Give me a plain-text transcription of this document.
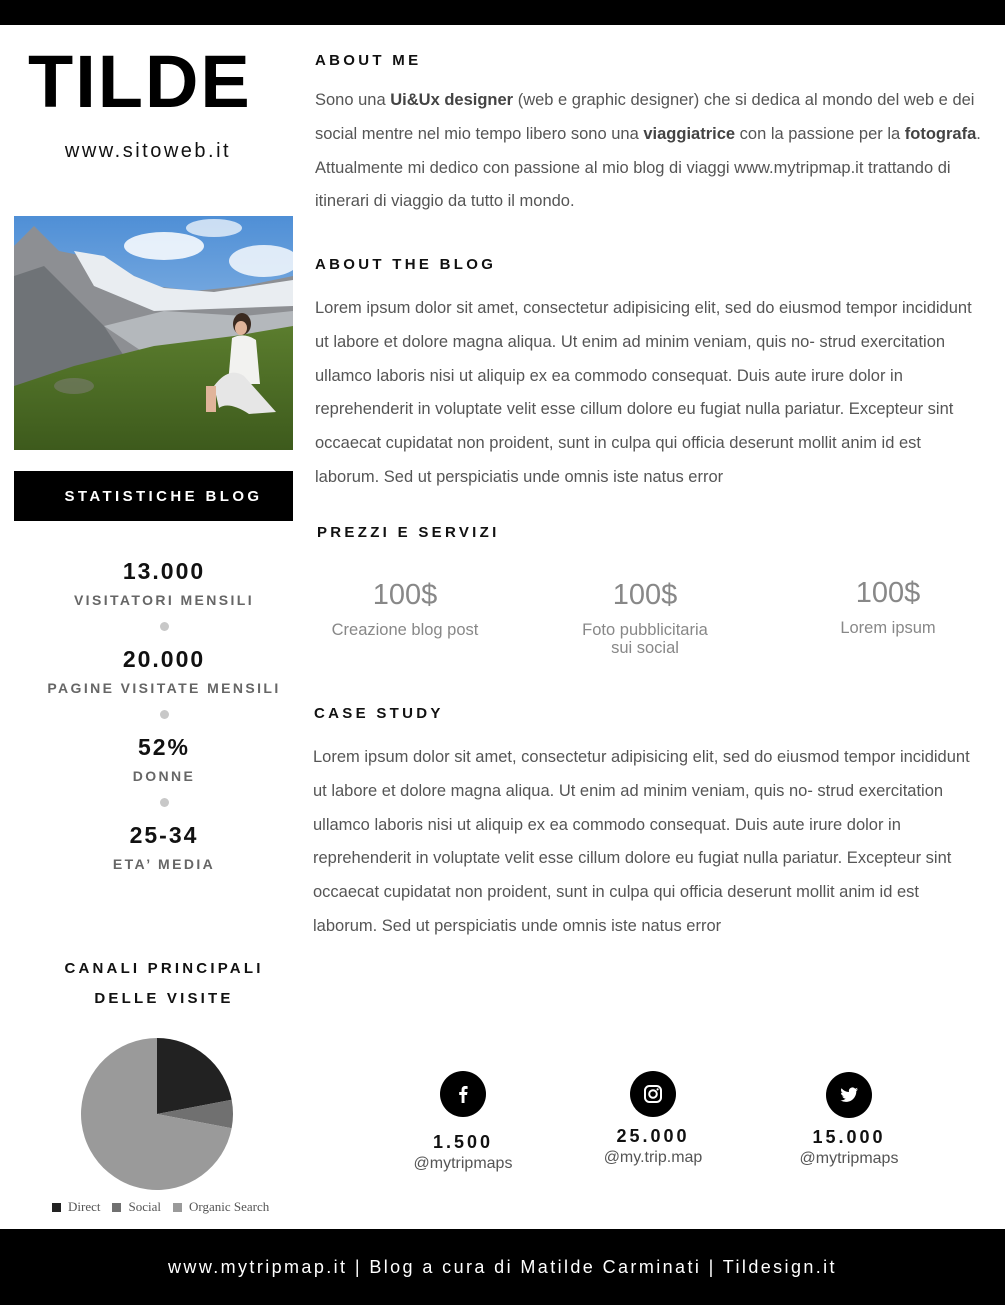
TILDE
www.sitoweb.it
STATISTICHE BLOG
13.000
VISITATORI MENSILI
20.000
PAGINE VISITATE MENSILI
52%
DONNE
25-34
ETA’ MEDIA
CANALI PRINCIPALI
DELLE VISITE
Direct Social Organic Search
ABOUT ME
Sono una Ui&Ux designer (web e graphic designer) che si dedica al mondo del web e dei social mentre nel mio tempo libero sono una viaggiatrice con la passione per la fotografa. Attualmente mi dedico con passione al mio blog di viaggi www.mytripmap.it trattando di itinerari di viaggio da tutto il mondo.
ABOUT THE BLOG
Lorem ipsum dolor sit amet, consectetur adipisicing elit, sed do eiusmod tempor incididunt ut labore et dolore magna aliqua. Ut enim ad minim veniam, quis no- strud exercitation ullamco laboris nisi ut aliquip ex ea commodo consequat. Duis aute irure dolor in reprehenderit in voluptate velit esse cillum dolore eu fugiat nulla pariatur. Excepteur sint occaecat cupidatat non proident, sunt in culpa qui officia deserunt mollit anim id est laborum. Sed ut perspiciatis unde omnis iste natus error
PREZZI E SERVIZI
100$
Creazione blog post
100$
Foto pubblicitaria sui social
100$
Lorem ipsum
CASE STUDY
Lorem ipsum dolor sit amet, consectetur adipisicing elit, sed do eiusmod tempor incididunt ut labore et dolore magna aliqua. Ut enim ad minim veniam, quis no- strud exercitation ullamco laboris nisi ut aliquip ex ea commodo consequat. Duis aute irure dolor in reprehenderit in voluptate velit esse cillum dolore eu fugiat nulla pariatur. Excepteur sint occaecat cupidatat non proident, sunt in culpa qui officia deserunt mollit anim id est laborum. Sed ut perspiciatis unde omnis iste natus error
1.500
@mytripmaps
25.000
@my.trip.map
15.000
@mytripmaps
www.mytripmap.it | Blog a cura di Matilde Carminati | Tildesign.it
